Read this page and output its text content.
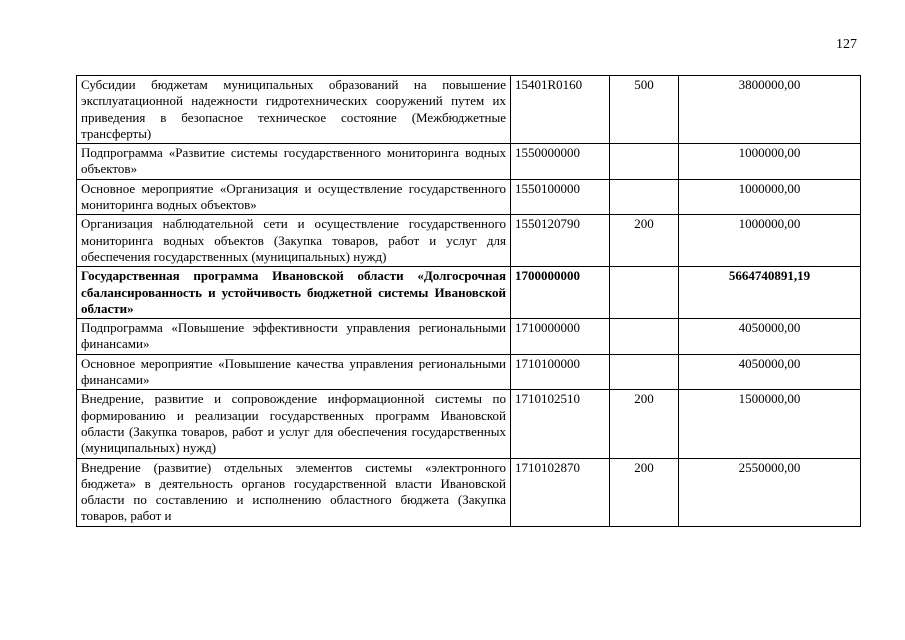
127
Субсидии бюджетам муниципальных образований на повышение эксплуатационной надежности гидротехнических сооружений путем их приведения в безопасное техническое состояние (Межбюджетные трансферты)	15401R0160	500	3800000,00
Подпрограмма «Развитие системы государственного мониторинга водных объектов»	1550000000		1000000,00
Основное мероприятие «Организация и осуществление государственного мониторинга водных объектов»	1550100000		1000000,00
Организация наблюдательной сети и осуществление государственного мониторинга водных объектов (Закупка товаров, работ и услуг для обеспечения государственных (муниципальных) нужд)	1550120790	200	1000000,00
Государственная программа Ивановской области «Долгосрочная сбалансированность и устойчивость бюджетной системы Ивановской области»	1700000000		5664740891,19
Подпрограмма «Повышение эффективности управления региональными финансами»	1710000000		4050000,00
Основное мероприятие «Повышение качества управления региональными финансами»	1710100000		4050000,00
Внедрение, развитие и сопровождение информационной системы по формированию и реализации государственных программ Ивановской области (Закупка товаров, работ и услуг для обеспечения государственных (муниципальных) нужд)	1710102510	200	1500000,00
Внедрение (развитие) отдельных элементов системы «электронного бюджета» в деятельность органов государственной власти Ивановской области по составлению и исполнению областного бюджета (Закупка товаров, работ и	1710102870	200	2550000,00
